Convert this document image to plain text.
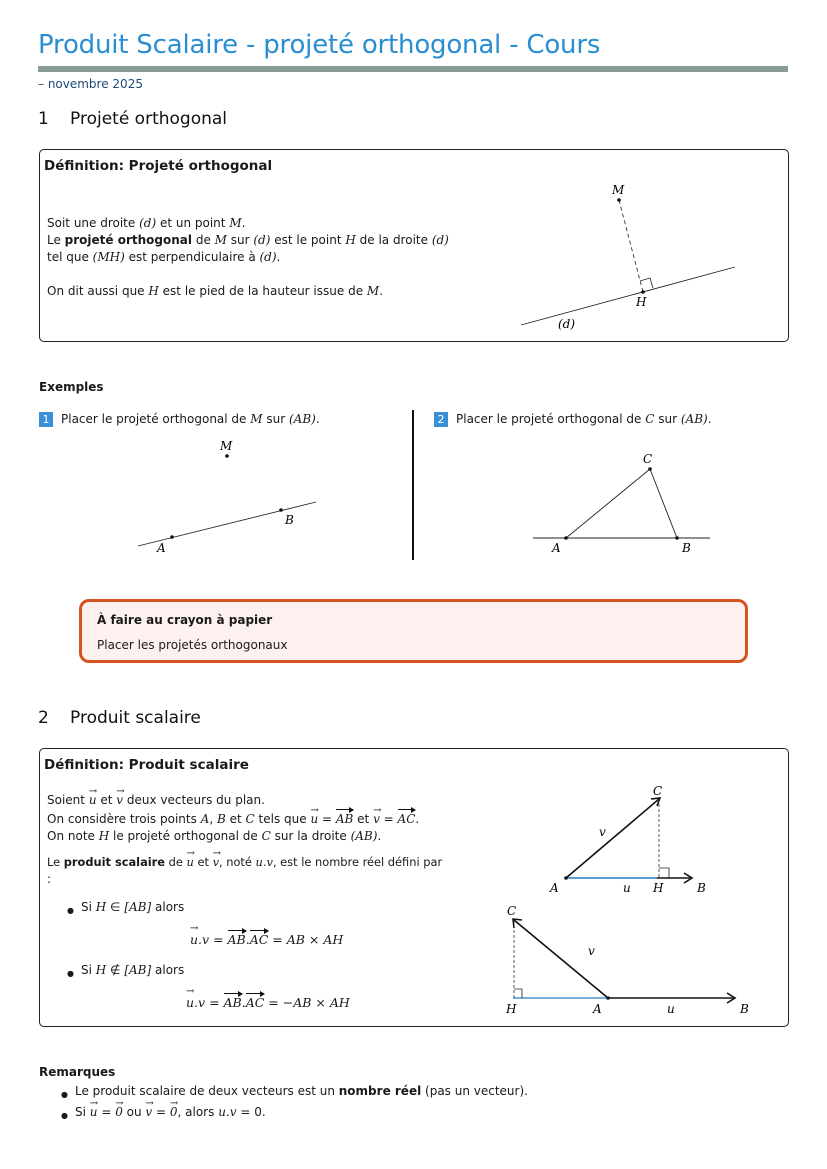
Produit Scalaire - projeté orthogonal - Cours
– novembre 2025
1 Projeté orthogonal
Définition: Projeté orthogonal
Soit une droite (d) et un point M.
Le projeté orthogonal de M sur (d) est le point H de la droite (d)
tel que (MH) est perpendiculaire à (d).
On dit aussi que H est le pied de la hauteur issue de M.
M
H
(d)
Exemples
1 Placer le projeté orthogonal de M sur (AB).
M
A
B
2 Placer le projeté orthogonal de C sur (AB).
A	B
C
À faire au crayon à papier
Placer les projetés orthogonaux
2 Produit scalaire
Définition: Produit scalaire
Soient → u et → v deux vecteurs du plan.
On considère trois points A, B et C tels que → u = AB et → v = AC.
On note H le projeté orthogonal de C sur la droite (AB).
Le produit scalaire de → u et → v, noté u.v, est le nombre réel défini par
:
● Si H ∈ [AB] alors
→ u.v = AB.AC = AB × AH
● Si H ∉ [AB] alors
→ u.v = AB.AC = −AB × AH
A	B
C
H
u
v
A	B
C
H	u
v
Remarques
● Le produit scalaire de deux vecteurs est un nombre réel (pas un vecteur).
● Si → u = → 0 ou → v = → 0, alors u.v = 0.
